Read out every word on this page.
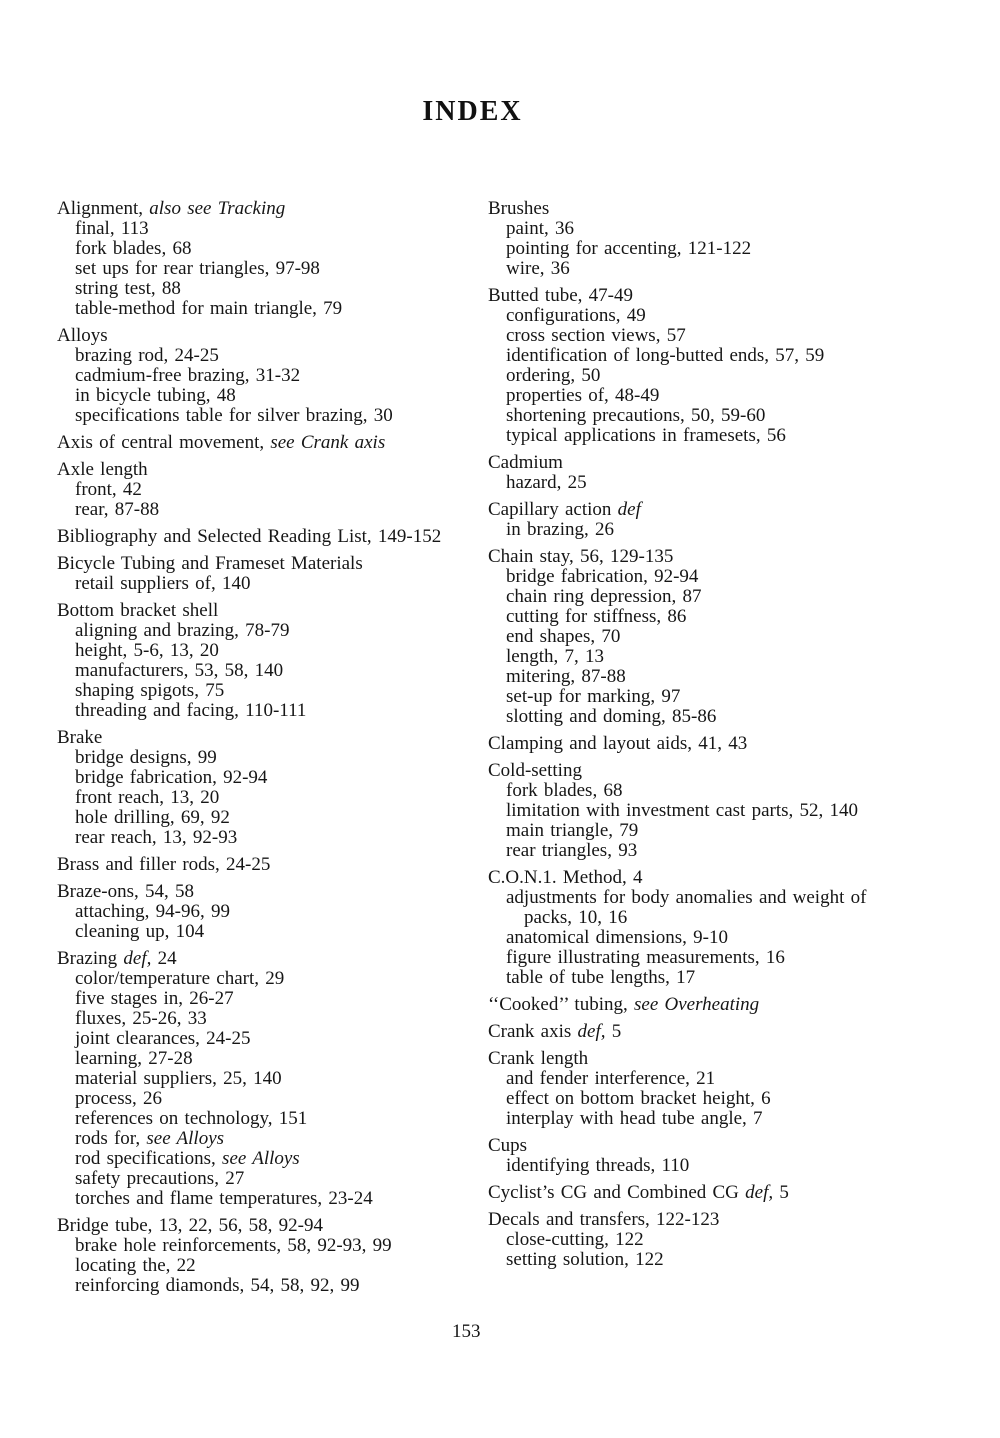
INDEX
Alignment, also see Tracking
final, 113
fork blades, 68
set ups for rear triangles, 97-98
string test, 88
table-method for main triangle, 79
Alloys
brazing rod, 24-25
cadmium-free brazing, 31-32
in bicycle tubing, 48
specifications table for silver brazing, 30
Axis of central movement, see Crank axis
Axle length
front, 42
rear, 87-88
Bibliography and Selected Reading List, 149-152
Bicycle Tubing and Frameset Materials
retail suppliers of, 140
Bottom bracket shell
aligning and brazing, 78-79
height, 5-6, 13, 20
manufacturers, 53, 58, 140
shaping spigots, 75
threading and facing, 110-111
Brake
bridge designs, 99
bridge fabrication, 92-94
front reach, 13, 20
hole drilling, 69, 92
rear reach, 13, 92-93
Brass and filler rods, 24-25
Braze-ons, 54, 58
attaching, 94-96, 99
cleaning up, 104
Brazing def, 24
color/temperature chart, 29
five stages in, 26-27
fluxes, 25-26, 33
joint clearances, 24-25
learning, 27-28
material suppliers, 25, 140
process, 26
references on technology, 151
rods for, see Alloys
rod specifications, see Alloys
safety precautions, 27
torches and flame temperatures, 23-24
Bridge tube, 13, 22, 56, 58, 92-94
brake hole reinforcements, 58, 92-93, 99
locating the, 22
reinforcing diamonds, 54, 58, 92, 99
Brushes
paint, 36
pointing for accenting, 121-122
wire, 36
Butted tube, 47-49
configurations, 49
cross section views, 57
identification of long-butted ends, 57, 59
ordering, 50
properties of, 48-49
shortening precautions, 50, 59-60
typical applications in framesets, 56
Cadmium
hazard, 25
Capillary action def
in brazing, 26
Chain stay, 56, 129-135
bridge fabrication, 92-94
chain ring depression, 87
cutting for stiffness, 86
end shapes, 70
length, 7, 13
mitering, 87-88
set-up for marking, 97
slotting and doming, 85-86
Clamping and layout aids, 41, 43
Cold-setting
fork blades, 68
limitation with investment cast parts, 52, 140
main triangle, 79
rear triangles, 93
C.O.N.1. Method, 4
adjustments for body anomalies and weight of
packs, 10, 16
anatomical dimensions, 9-10
figure illustrating measurements, 16
table of tube lengths, 17
‘‘Cooked’’ tubing, see Overheating
Crank axis def, 5
Crank length
and fender interference, 21
effect on bottom bracket height, 6
interplay with head tube angle, 7
Cups
identifying threads, 110
Cyclist’s CG and Combined CG def, 5
Decals and transfers, 122-123
close-cutting, 122
setting solution, 122
153
